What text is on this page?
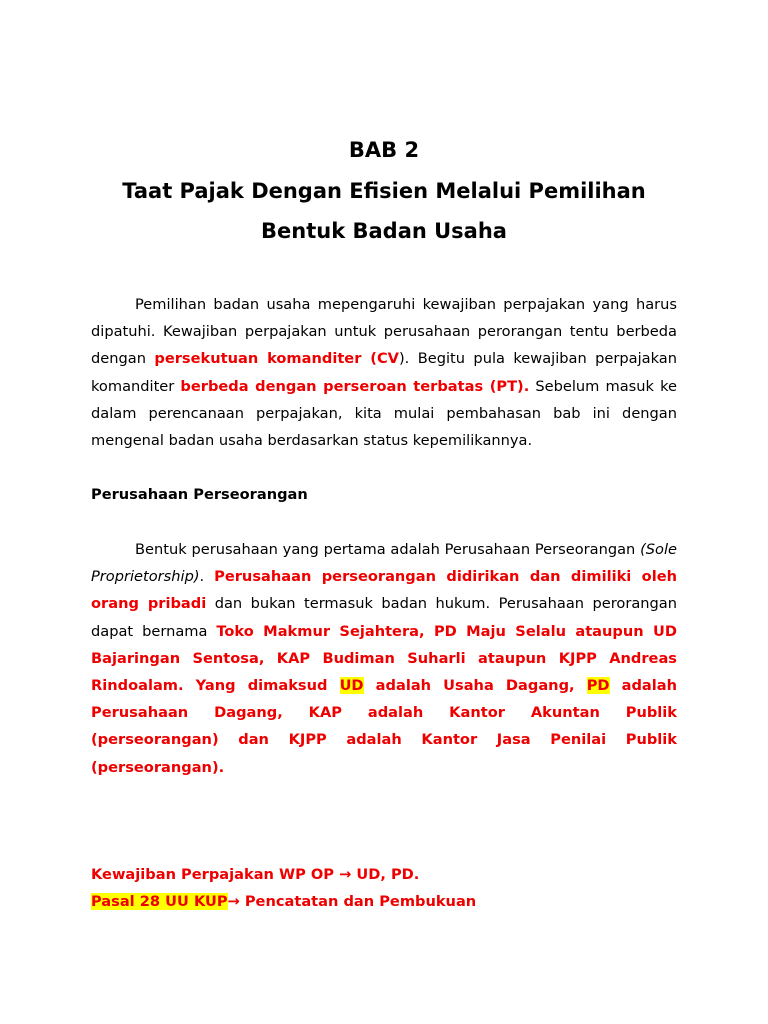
BAB 2
Taat Pajak Dengan Efisien Melalui Pemilihan
Bentuk Badan Usaha

Pemilihan badan usaha mepengaruhi kewajiban perpajakan yang harus dipatuhi. Kewajiban perpajakan untuk perusahaan perorangan tentu berbeda dengan persekutuan komanditer (CV). Begitu pula kewajiban perpajakan komanditer berbeda dengan perseroan terbatas (PT). Sebelum masuk ke dalam perencanaan perpajakan, kita mulai pembahasan bab ini dengan mengenal badan usaha berdasarkan status kepemilikannya.

Perusahaan Perseorangan

Bentuk perusahaan yang pertama adalah Perusahaan Perseorangan (Sole Proprietorship). Perusahaan perseorangan didirikan dan dimiliki oleh orang pribadi dan bukan termasuk badan hukum. Perusahaan perorangan dapat bernama Toko Makmur Sejahtera, PD Maju Selalu ataupun UD Bajaringan Sentosa, KAP Budiman Suharli ataupun KJPP Andreas Rindoalam. Yang dimaksud UD adalah Usaha Dagang, PD adalah Perusahaan Dagang, KAP adalah Kantor Akuntan Publik (perseorangan) dan KJPP adalah Kantor Jasa Penilai Publik (perseorangan).

Kewajiban Perpajakan WP OP → UD, PD.
Pasal 28 UU KUP→ Pencatatan dan Pembukuan
